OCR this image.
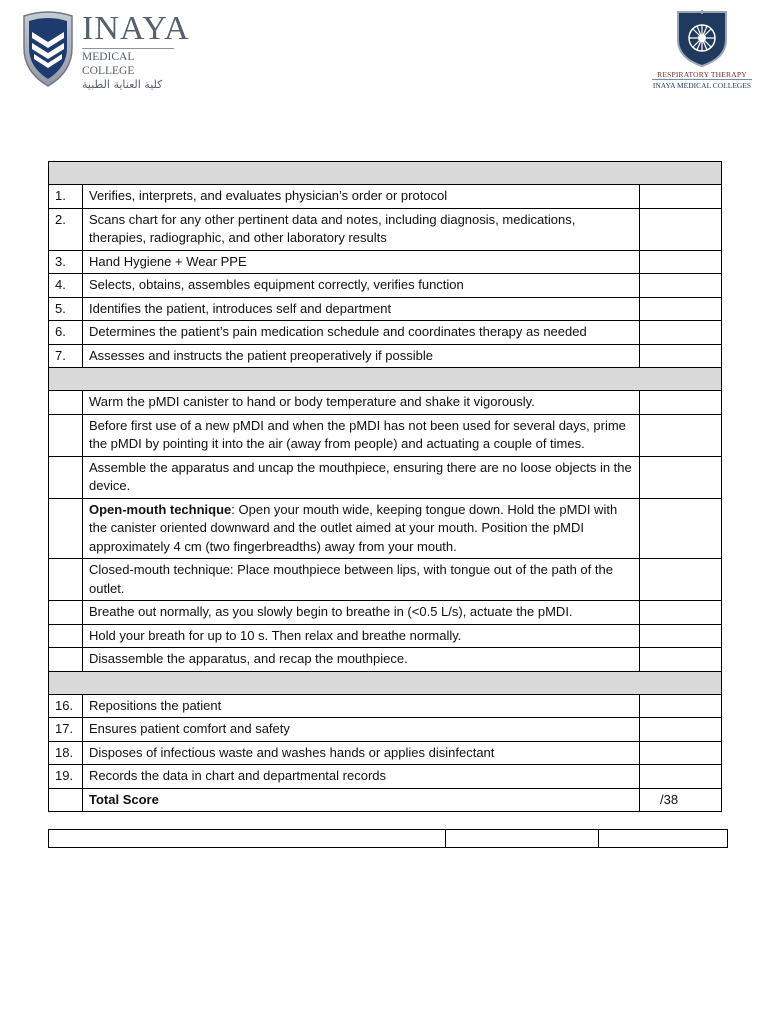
INAYA
MEDICAL COLLEGE
كلية العناية الطبية
RESPIRATORY THERAPY
INAYA MEDICAL COLLEGES

1.	Verifies, interprets, and evaluates physician’s order or protocol	
2.	Scans chart for any other pertinent data and notes, including diagnosis, medications, therapies, radiographic, and other laboratory results	
3.	Hand Hygiene + Wear PPE	
4.	Selects, obtains, assembles equipment correctly, verifies function	
5.	Identifies the patient, introduces self and department	
6.	Determines the patient’s pain medication schedule and coordinates therapy as needed	
7.	Assesses and instructs the patient preoperatively if possible	

	Warm the pMDI canister to hand or body temperature and shake it vigorously.	
	Before first use of a new pMDI and when the pMDI has not been used for several days, prime the pMDI by pointing it into the air (away from people) and actuating a couple of times.	
	Assemble the apparatus and uncap the mouthpiece, ensuring there are no loose objects in the device.	
	Open-mouth technique: Open your mouth wide, keeping tongue down. Hold the pMDI with the canister oriented downward and the outlet aimed at your mouth. Position the pMDI approximately 4 cm (two fingerbreadths) away from your mouth.	
	Closed-mouth technique: Place mouthpiece between lips, with tongue out of the path of the outlet.	
	Breathe out normally, as you slowly begin to breathe in (<0.5 L/s), actuate the pMDI.	
	Hold your breath for up to 10 s. Then relax and breathe normally.	
	Disassemble the apparatus, and recap the mouthpiece.	

16.	Repositions the patient	
17.	Ensures patient comfort and safety	
18.	Disposes of infectious waste and washes hands or applies disinfectant	
19.	Records the data in chart and departmental records	
	Total Score	/38
